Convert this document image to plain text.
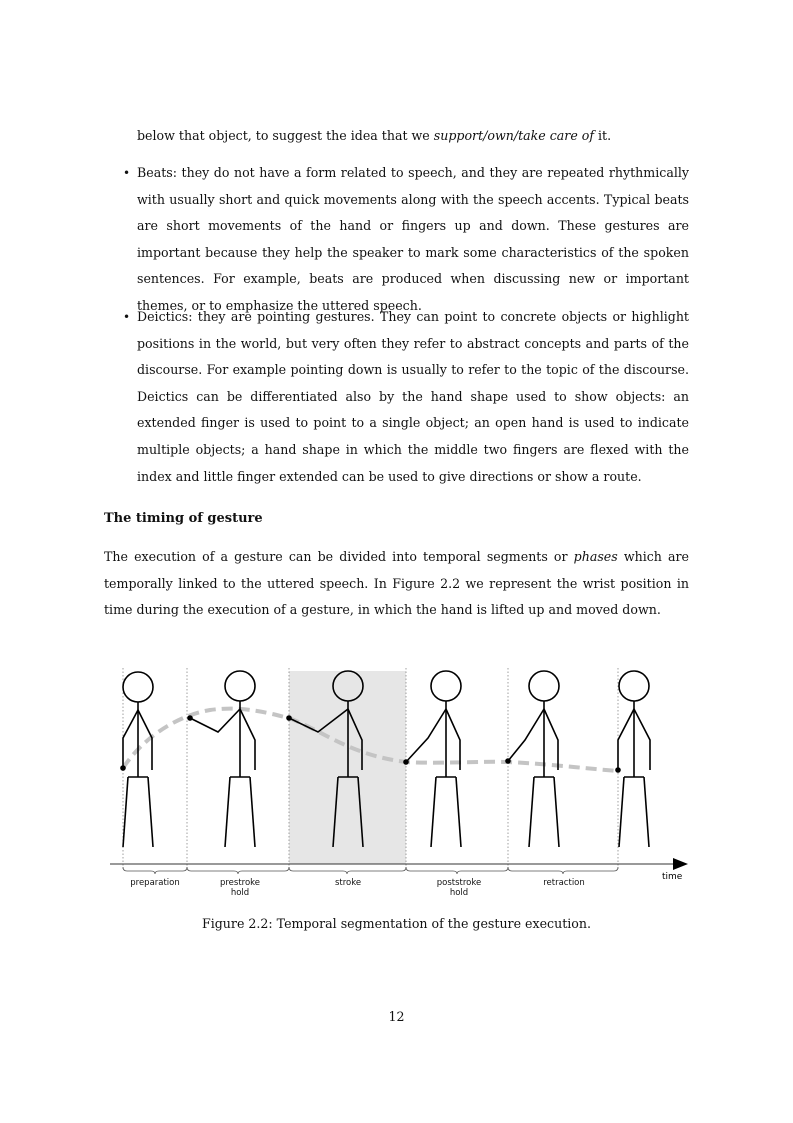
below that object, to suggest the idea that we support/own/take care of it.
• Beats: they do not have a form related to speech, and they are repeated rhythmically with usually short and quick movements along with the speech accents. Typical beats are short movements of the hand or fingers up and down. These gestures are important because they help the speaker to mark some characteristics of the spoken sentences. For example, beats are produced when discussing new or important themes, or to emphasize the uttered speech.
• Deictics: they are pointing gestures. They can point to concrete objects or highlight positions in the world, but very often they refer to abstract concepts and parts of the discourse. For example pointing down is usually to refer to the topic of the discourse. Deictics can be differentiated also by the hand shape used to show objects: an extended finger is used to point to a single object; an open hand is used to indicate multiple objects; a hand shape in which the middle two fingers are flexed with the index and little finger extended can be used to give directions or show a route.
The timing of gesture
The execution of a gesture can be divided into temporal segments or phases which are temporally linked to the uttered speech. In Figure 2.2 we represent the wrist position in time during the execution of a gesture, in which the hand is lifted up and moved down.
time
preparation	prestroke
hold
stroke	poststroke
hold
retraction
Figure 2.2: Temporal segmentation of the gesture execution.
12
